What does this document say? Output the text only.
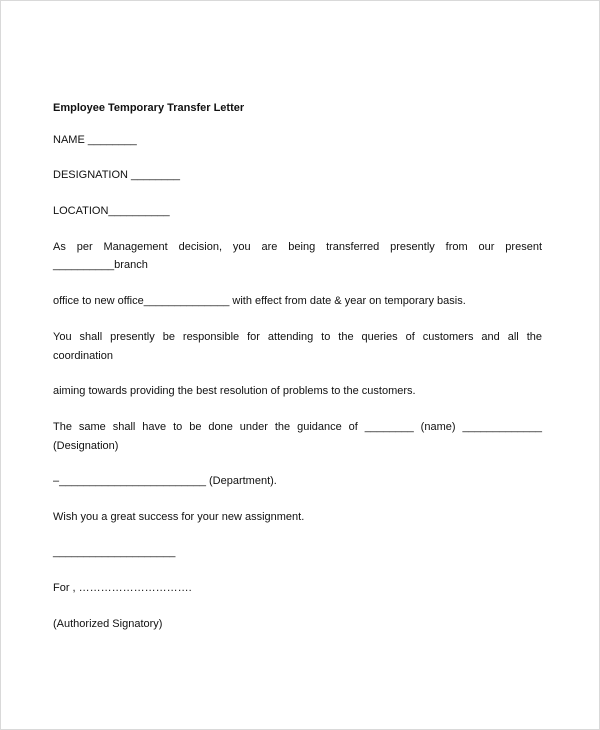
Employee Temporary Transfer Letter
NAME ________
DESIGNATION ________
LOCATION__________
As per Management decision, you are being transferred presently from our present
__________branch
office to new office______________ with effect from date & year on temporary basis.
You shall presently be responsible for attending to the queries of customers and all the
coordination
aiming towards providing the best resolution of problems to the customers.
The same shall have to be done under the guidance of ________ (name) _____________
(Designation)
–________________________ (Department).
Wish you a great success for your new assignment.
____________________
For , ………………………….
(Authorized Signatory)
